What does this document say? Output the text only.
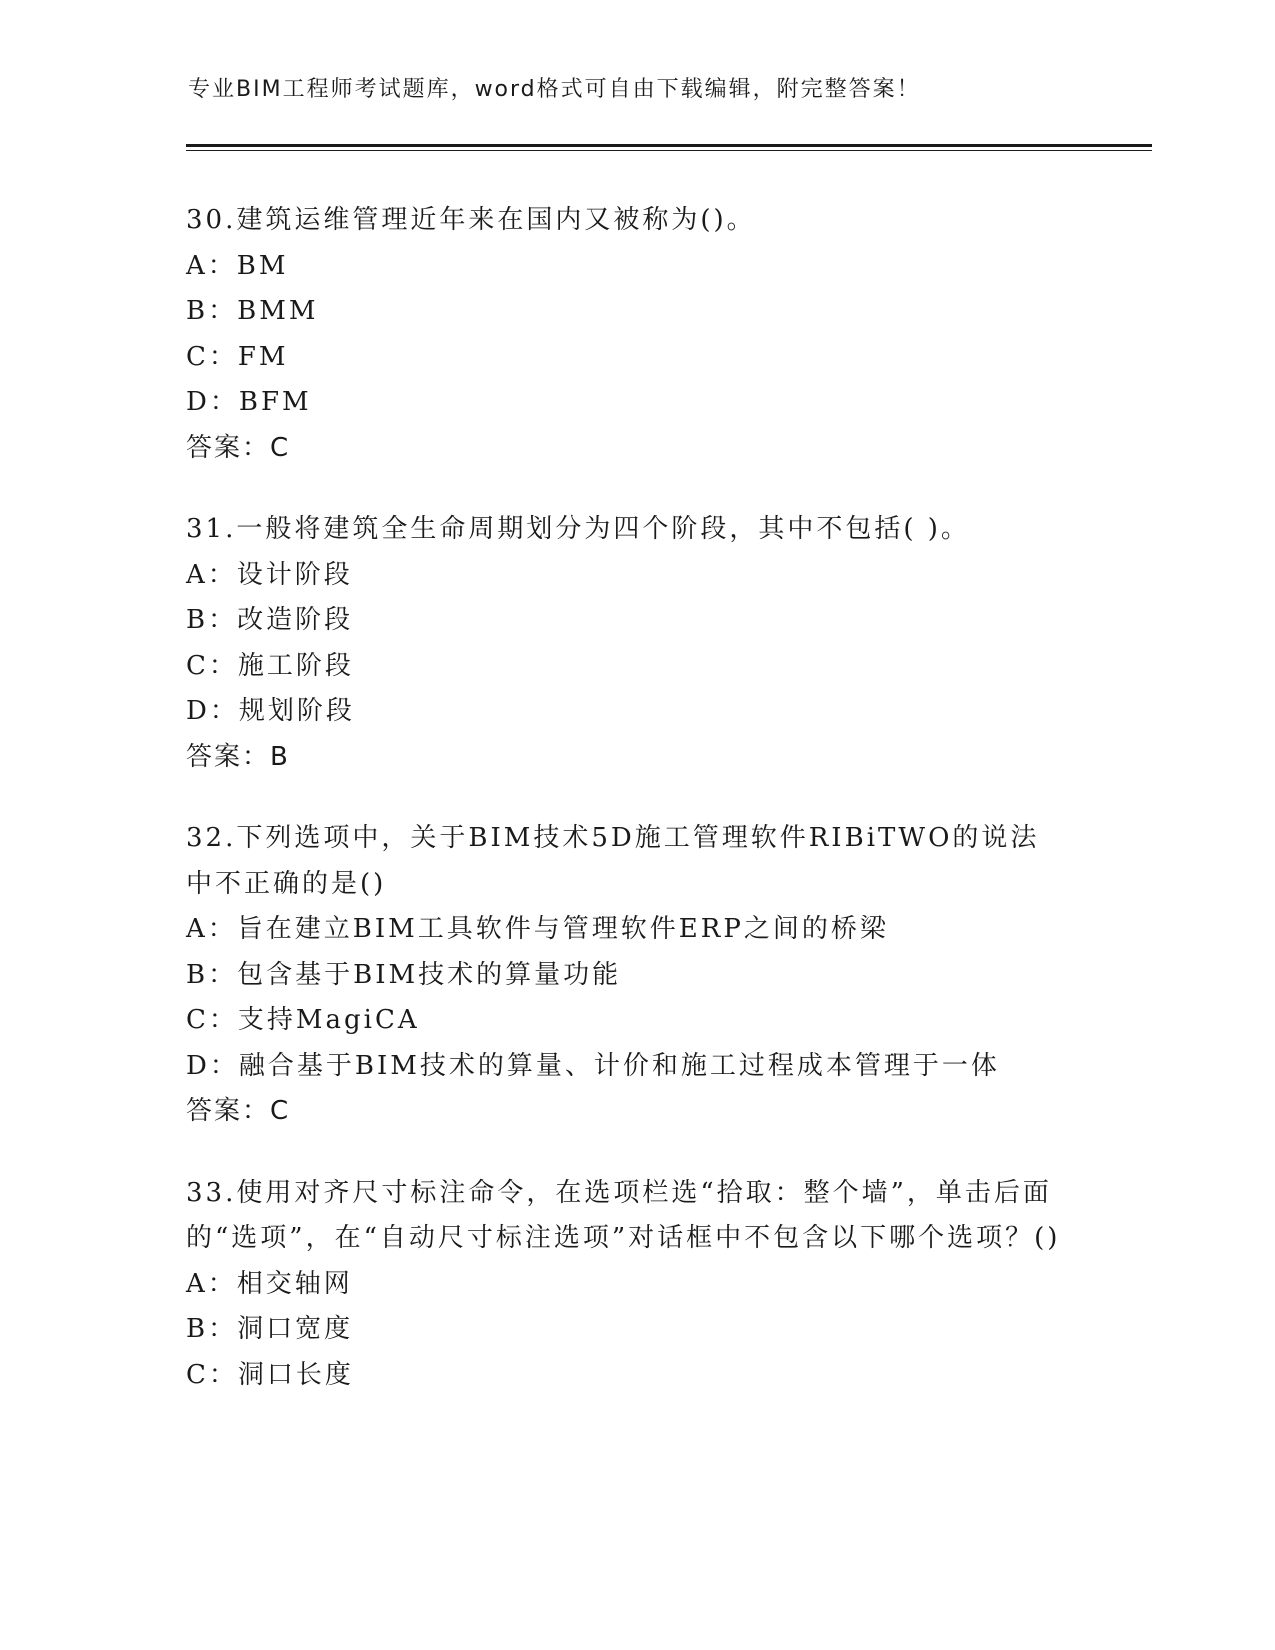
专业BIM工程师考试题库，word格式可自由下载编辑，附完整答案！
30.建筑运维管理近年来在国内又被称为()。
A：BM
B：BMM
C：FM
D：BFM
答案：C
31.一般将建筑全生命周期划分为四个阶段，其中不包括( )。
A：设计阶段
B：改造阶段
C：施工阶段
D：规划阶段
答案：B
32.下列选项中，关于BIM技术5D施工管理软件RIBiTWO的说法中不正确的是()
A：旨在建立BIM工具软件与管理软件ERP之间的桥梁
B：包含基于BIM技术的算量功能
C：支持MagiCA
D：融合基于BIM技术的算量、计价和施工过程成本管理于一体
答案：C
33.使用对齐尺寸标注命令，在选项栏选“拾取：整个墙”，单击后面的“选项”，在“自动尺寸标注选项”对话框中不包含以下哪个选项？()
A：相交轴网
B：洞口宽度
C：洞口长度
